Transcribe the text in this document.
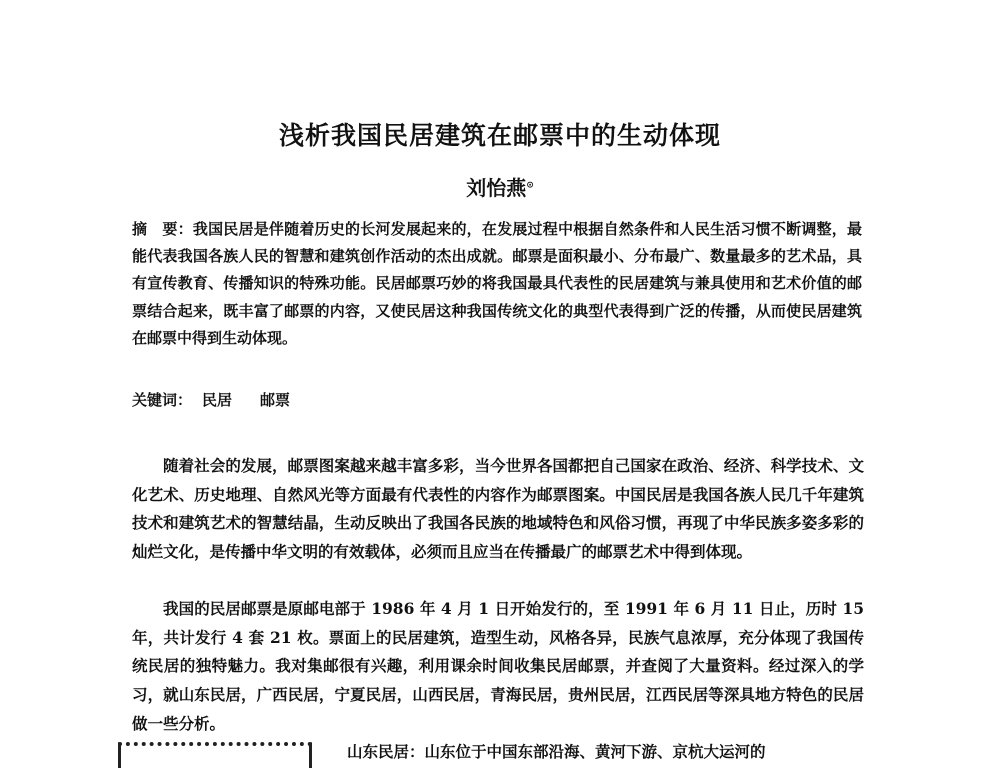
浅析我国民居建筑在邮票中的生动体现
刘怡燕⊙
摘　要：我国民居是伴随着历史的长河发展起来的，在发展过程中根据自然条件和人民生活习惯不断调整，最能代表我国各族人民的智慧和建筑创作活动的杰出成就。邮票是面积最小、分布最广、数量最多的艺术品，具有宣传教育、传播知识的特殊功能。民居邮票巧妙的将我国最具代表性的民居建筑与兼具使用和艺术价值的邮票结合起来，既丰富了邮票的内容，又使民居这种我国传统文化的典型代表得到广泛的传播，从而使民居建筑在邮票中得到生动体现。
关键词： 民居 邮票

随着社会的发展，邮票图案越来越丰富多彩，当今世界各国都把自己国家在政治、经济、科学技术、文化艺术、历史地理、自然风光等方面最有代表性的内容作为邮票图案。中国民居是我国各族人民几千年建筑技术和建筑艺术的智慧结晶，生动反映出了我国各民族的地域特色和风俗习惯，再现了中华民族多姿多彩的灿烂文化，是传播中华文明的有效载体，必须而且应当在传播最广的邮票艺术中得到体现。

我国的民居邮票是原邮电部于 1986 年 4 月 1 日开始发行的，至 1991 年 6 月 11 日止，历时 15 年，共计发行 4 套 21 枚。票面上的民居建筑，造型生动，风格各异，民族气息浓厚，充分体现了我国传统民居的独特魅力。我对集邮很有兴趣，利用课余时间收集民居邮票，并查阅了大量资料。经过深入的学习，就山东民居，广西民居，宁夏民居，山西民居，青海民居，贵州民居，江西民居等深具地方特色的民居做一些分析。

山东民居：山东位于中国东部沿海、黄河下游、京杭大运河的
